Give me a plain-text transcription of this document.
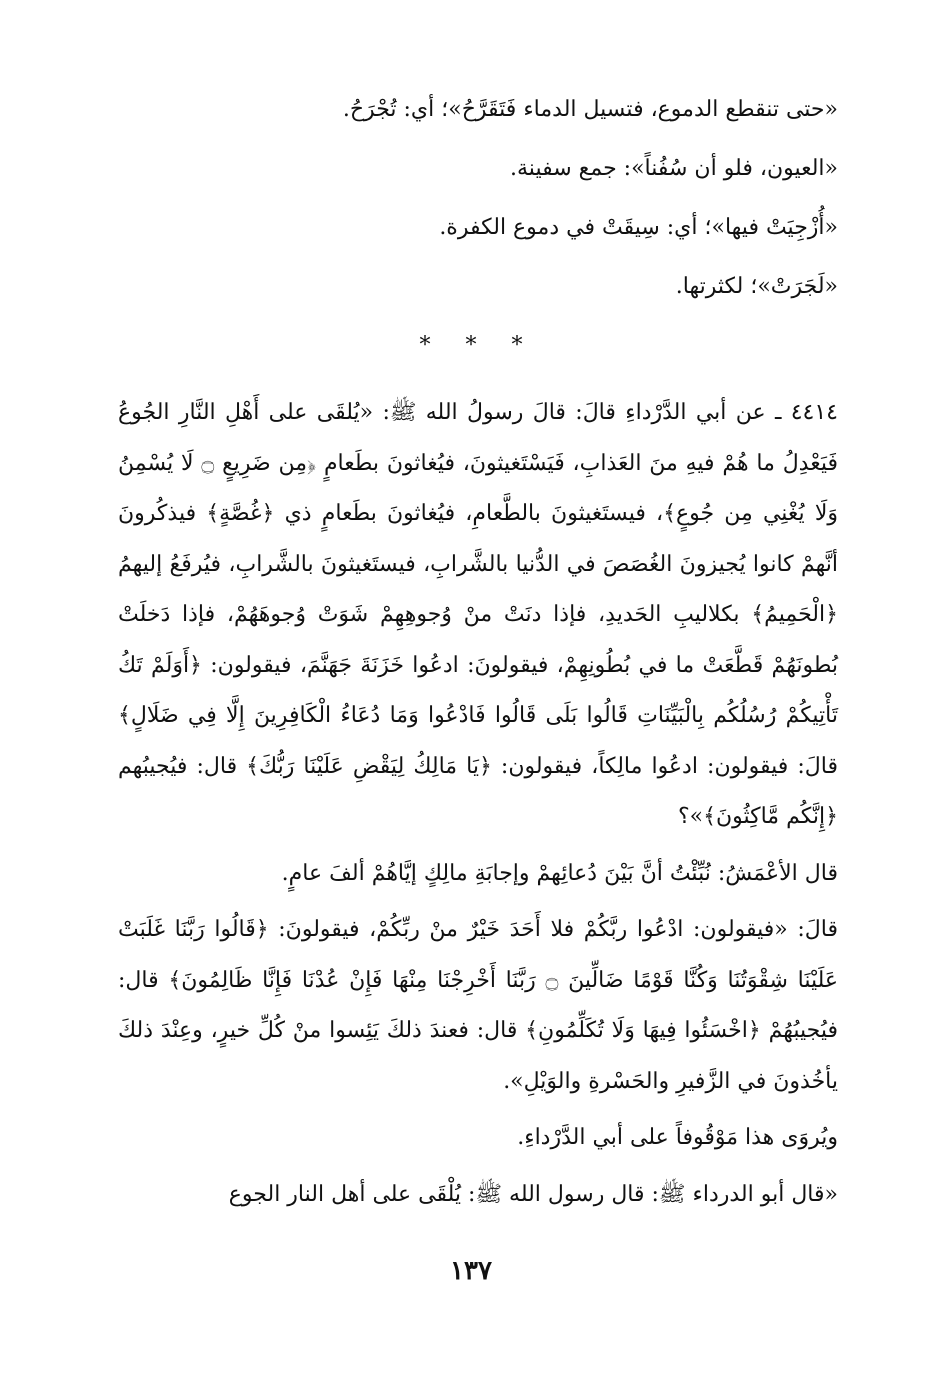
«حتى تنقطع الدموع، فتسيل الدماء فَتَقَرَّحُ»؛ أي: تُجْرَحُ.

«العيون، فلو أن سُفُناً»: جمع سفينة.

«أُزْجِيَتْ فيها»؛ أي: سِيقَتْ في دموع الكفرة.

«لَجَرَتْ»؛ لكثرتها.

* * *

٤٤١٤ ـ عن أبي الدَّرْداءِ قالَ: قالَ رسولُ الله ﷺ: «يُلقَى على أَهْلِ النَّارِ الجُوعُ فَيَعْدِلُ ما هُمْ فيهِ منَ العَذابِ، فَيَسْتَغيثونَ، فيُغاثونَ بطَعامٍ ﴿مِن ضَرِيعٍ ۝ لَا يُسْمِنُ وَلَا يُغْنِي مِن جُوعٍ﴾، فيستَغيثونَ بالطَّعامِ، فيُغاثونَ بطَعامٍ ذي ﴿غُصَّةٍ﴾ فيذكُرونَ أنَّهمْ كانوا يُجيزونَ الغُصَصَ في الدُّنيا بالشَّرابِ، فيستَغيثونَ بالشَّرابِ، فيُرفَعُ إليهمُ ﴿الْحَمِيمُ﴾ بكلاليبِ الحَديدِ، فإذا دنَتْ منْ وُجوهِهِمْ شَوَتْ وُجوهَهُمْ، فإذا دَخلَتْ بُطونَهُمْ قَطَّعَتْ ما في بُطُونِهِمْ، فيقولونَ: ادعُوا خَزَنَةَ جَهَنَّمَ، فيقولون: ﴿أَوَلَمْ تَكُ تَأْتِيكُمْ رُسُلُكُم بِالْبَيِّنَاتِ قَالُوا بَلَى قَالُوا فَادْعُوا وَمَا دُعَاءُ الْكَافِرِينَ إِلَّا فِي ضَلَالٍ﴾ قالَ: فيقولون: ادعُوا مالِكاً، فيقولون: ﴿يَا مَالِكُ لِيَقْضِ عَلَيْنَا رَبُّكَ﴾ قال: فيُجيبُهم ﴿إِنَّكُم مَّاكِثُونَ﴾»؟

قال الأعْمَشُ: نُبِّئْتُ أنَّ بَيْنَ دُعائِهمْ وإجابَةِ مالِكٍ إيَّاهُمْ ألفَ عامٍ.

قالَ: «فيقولون: ادْعُوا ربَّكُمْ فلا أَحَدَ خَيْرٌ منْ ربِّكُمْ، فيقولونَ: ﴿قَالُوا رَبَّنَا غَلَبَتْ عَلَيْنَا شِقْوَتُنَا وَكُنَّا قَوْمًا ضَالِّينَ ۝ رَبَّنَا أَخْرِجْنَا مِنْهَا فَإِنْ عُدْنَا فَإِنَّا ظَالِمُونَ﴾ قال: فيُجيبُهُمْ ﴿اخْسَئُوا فِيهَا وَلَا تُكَلِّمُونِ﴾ قال: فعندَ ذلكَ يَئِسوا منْ كُلِّ خيرٍ، وعِنْدَ ذلكَ يأخُذونَ في الزَّفيرِ والحَسْرةِ والوَيْلِ».

ويُروَى هذا مَوْقُوفاً على أبي الدَّرْداءِ.

«قال أبو الدرداء ﷺ: قال رسول الله ﷺ: يُلْقَى على أهل النار الجوع

١٣٧
